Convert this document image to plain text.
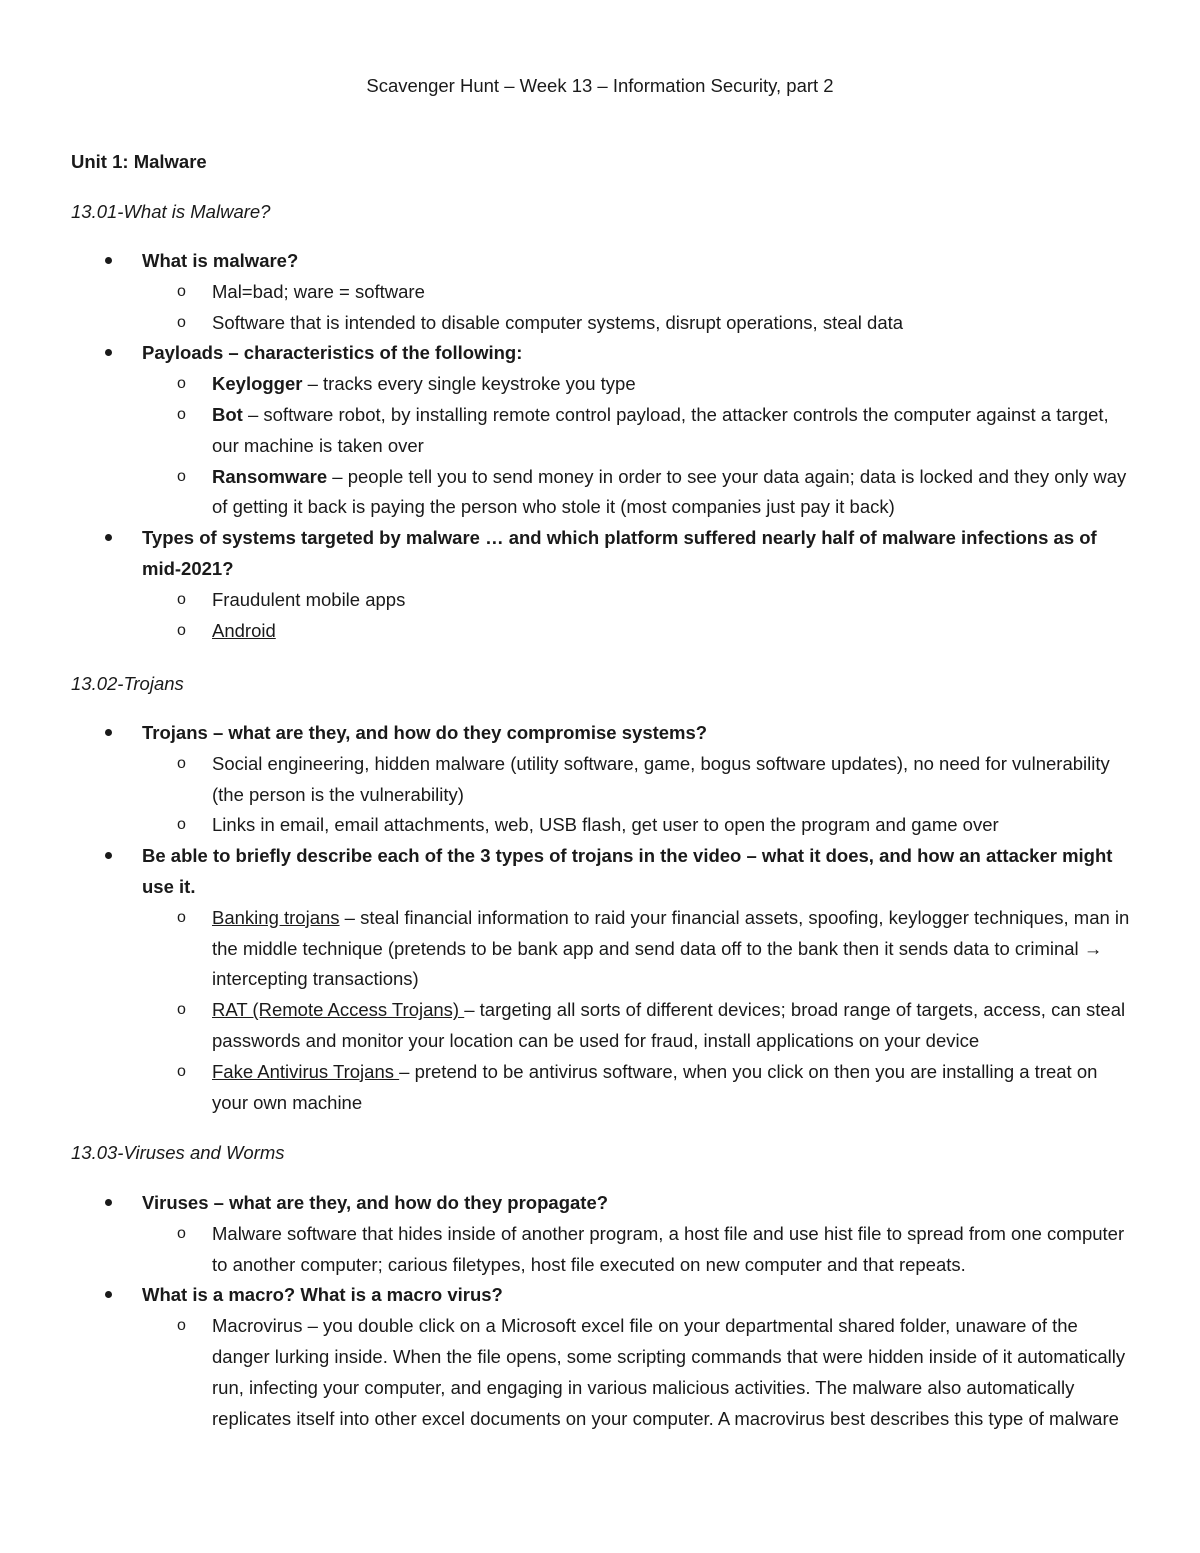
Scavenger Hunt – Week 13 – Information Security, part 2
Unit 1: Malware
13.01-What is Malware?
What is malware?
o Mal=bad; ware = software
o Software that is intended to disable computer systems, disrupt operations, steal data
Payloads – characteristics of the following:
o Keylogger – tracks every single keystroke you type
o Bot – software robot, by installing remote control payload, the attacker controls the computer against a target, our machine is taken over
o Ransomware – people tell you to send money in order to see your data again; data is locked and they only way of getting it back is paying the person who stole it (most companies just pay it back)
Types of systems targeted by malware … and which platform suffered nearly half of malware infections as of mid-2021?
o Fraudulent mobile apps
o Android
13.02-Trojans
Trojans – what are they, and how do they compromise systems?
o Social engineering, hidden malware (utility software, game, bogus software updates), no need for vulnerability (the person is the vulnerability)
o Links in email, email attachments, web, USB flash, get user to open the program and game over
Be able to briefly describe each of the 3 types of trojans in the video – what it does, and how an attacker might use it.
o Banking trojans – steal financial information to raid your financial assets, spoofing, keylogger techniques, man in the middle technique (pretends to be bank app and send data off to the bank then it sends data to criminal → intercepting transactions)
o RAT (Remote Access Trojans) – targeting all sorts of different devices; broad range of targets, access, can steal passwords and monitor your location can be used for fraud, install applications on your device
o Fake Antivirus Trojans – pretend to be antivirus software, when you click on then you are installing a treat on your own machine
13.03-Viruses and Worms
Viruses – what are they, and how do they propagate?
o Malware software that hides inside of another program, a host file and use hist file to spread from one computer to another computer; carious filetypes, host file executed on new computer and that repeats.
What is a macro? What is a macro virus?
o Macrovirus – you double click on a Microsoft excel file on your departmental shared folder, unaware of the danger lurking inside. When the file opens, some scripting commands that were hidden inside of it automatically run, infecting your computer, and engaging in various malicious activities. The malware also automatically replicates itself into other excel documents on your computer. A macrovirus best describes this type of malware
